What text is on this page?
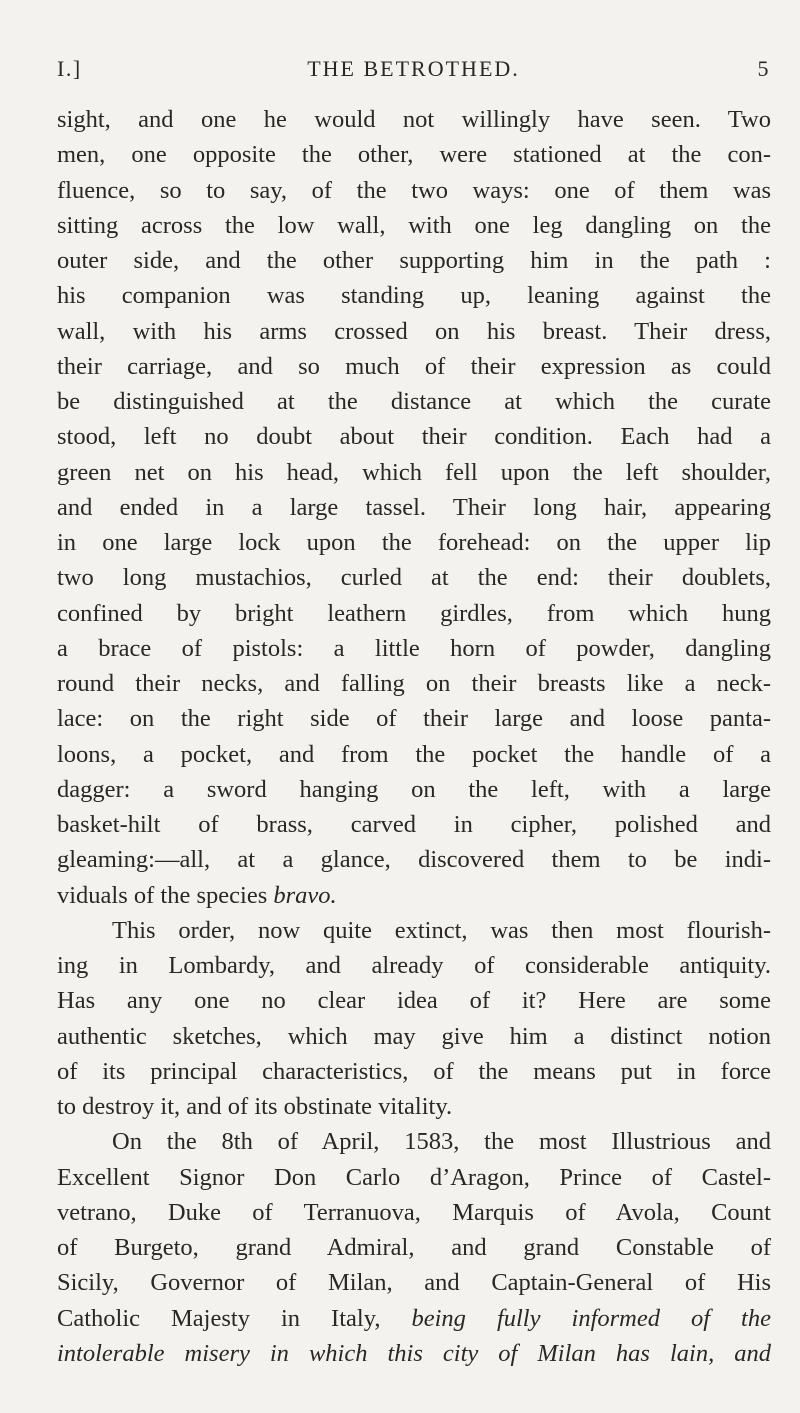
I.]	THE BETROTHED.	5
sight, and one he would not willingly have seen. Two
men, one opposite the other, were stationed at the con-
fluence, so to say, of the two ways: one of them was
sitting across the low wall, with one leg dangling on the
outer side, and the other supporting him in the path :
his companion was standing up, leaning against the
wall, with his arms crossed on his breast. Their dress,
their carriage, and so much of their expression as could
be distinguished at the distance at which the curate
stood, left no doubt about their condition. Each had a
green net on his head, which fell upon the left shoulder,
and ended in a large tassel. Their long hair, appearing
in one large lock upon the forehead: on the upper lip
two long mustachios, curled at the end: their doublets,
confined by bright leathern girdles, from which hung
a brace of pistols: a little horn of powder, dangling
round their necks, and falling on their breasts like a neck-
lace: on the right side of their large and loose panta-
loons, a pocket, and from the pocket the handle of a
dagger: a sword hanging on the left, with a large
basket-hilt of brass, carved in cipher, polished and
gleaming:—all, at a glance, discovered them to be indi-
viduals of the species bravo.
This order, now quite extinct, was then most flourish-
ing in Lombardy, and already of considerable antiquity.
Has any one no clear idea of it? Here are some
authentic sketches, which may give him a distinct notion
of its principal characteristics, of the means put in force
to destroy it, and of its obstinate vitality.
On the 8th of April, 1583, the most Illustrious and
Excellent Signor Don Carlo d’Aragon, Prince of Castel-
vetrano, Duke of Terranuova, Marquis of Avola, Count
of Burgeto, grand Admiral, and grand Constable of
Sicily, Governor of Milan, and Captain-General of His
Catholic Majesty in Italy, being fully informed of the
intolerable misery in which this city of Milan has lain, and
